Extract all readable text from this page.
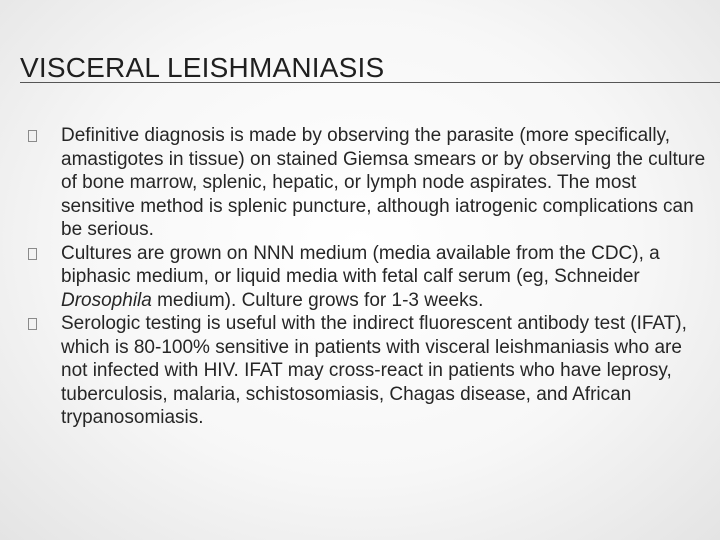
VISCERAL LEISHMANIASIS
Definitive diagnosis is made by observing the parasite (more specifically, amastigotes in tissue) on stained Giemsa smears or by observing the culture of bone marrow, splenic, hepatic, or lymph node aspirates. The most sensitive method is splenic puncture, although iatrogenic complications can be serious.
Cultures are grown on NNN medium (media available from the CDC), a biphasic medium, or liquid media with fetal calf serum (eg, Schneider Drosophila medium). Culture grows for 1-3 weeks.
Serologic testing is useful with the indirect fluorescent antibody test (IFAT), which is 80-100% sensitive in patients with visceral leishmaniasis who are not infected with HIV. IFAT may cross-react in patients who have leprosy, tuberculosis, malaria, schistosomiasis, Chagas disease, and African trypanosomiasis.
